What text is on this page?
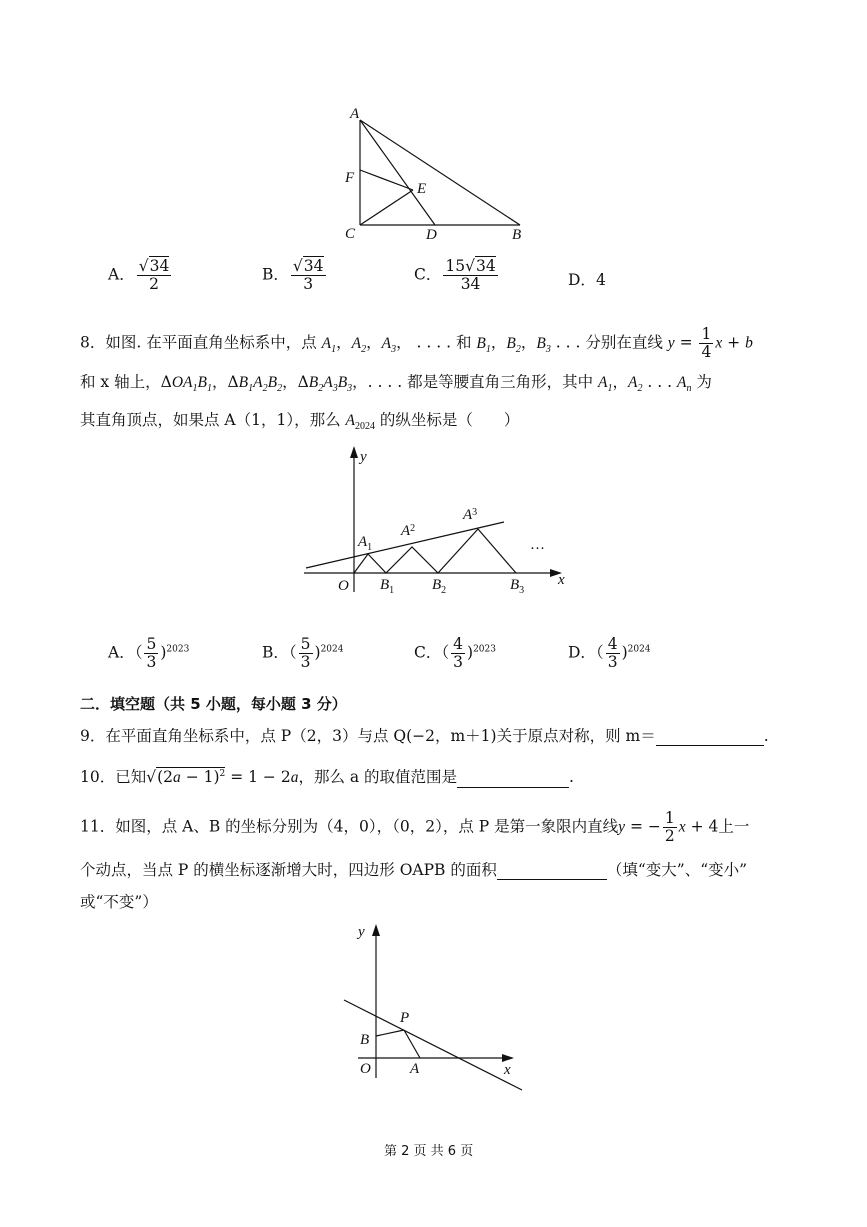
A
F
E
C	D	B
A． $\frac{√34}{2}$	B． $\frac{√34}{3}$	C． $\frac{15√34}{34}$	D．4
8．如图. 在平面直角坐标系中，点 $A_1$，$A_2$，$A_3$， . . . . 和 $B_1$，$B_2$，$B_3$ . . . 分别在直线 $y = \frac{1}{4}$ x + b
和 x 轴上，$\Delta OA_1B_1$，$\Delta B_1A_2B_2$，$\Delta B_2A_3B_3$，. . . . 都是等腰直角三角形，其中 $A_1$，$A_2$ . . . $A_n$ 为
其直角顶点，如果点 A（1，1），那么 $A_{2024}$ 的纵坐标是（　　）
y
x
O
$A_1$
$A^2$
$A^3$
$B_1$	$B_2$	$B_3$
…
A．（ $\frac{5}{3} )^{2023}$	B．（ $\frac{5}{3} )^{2024}$	C．（ $\frac{4}{3} )^{2023}$	D．（ $\frac{4}{3} )^{2024}$
二．填空题（共 5 小题，每小题 3 分）
9．在平面直角坐标系中，点 P（2，3）与点 Q(−2，m＋1)关于原点对称，则 m＝	.
10．已知$√(2a - 1)^2 = 1 - 2a$，那么 a 的取值范围是	.
11．如图，点 A、B 的坐标分别为（4，0），（0，2），点 P 是第一象限内直线y = − $\frac{1}{2}$ x + 4上一
个动点，当点 P 的横坐标逐渐增大时，四边形 OAPB 的面积	（填“变大”、“变小”
或“不变”）
y
x
O	A
B
P
第 2 页 共 6 页
